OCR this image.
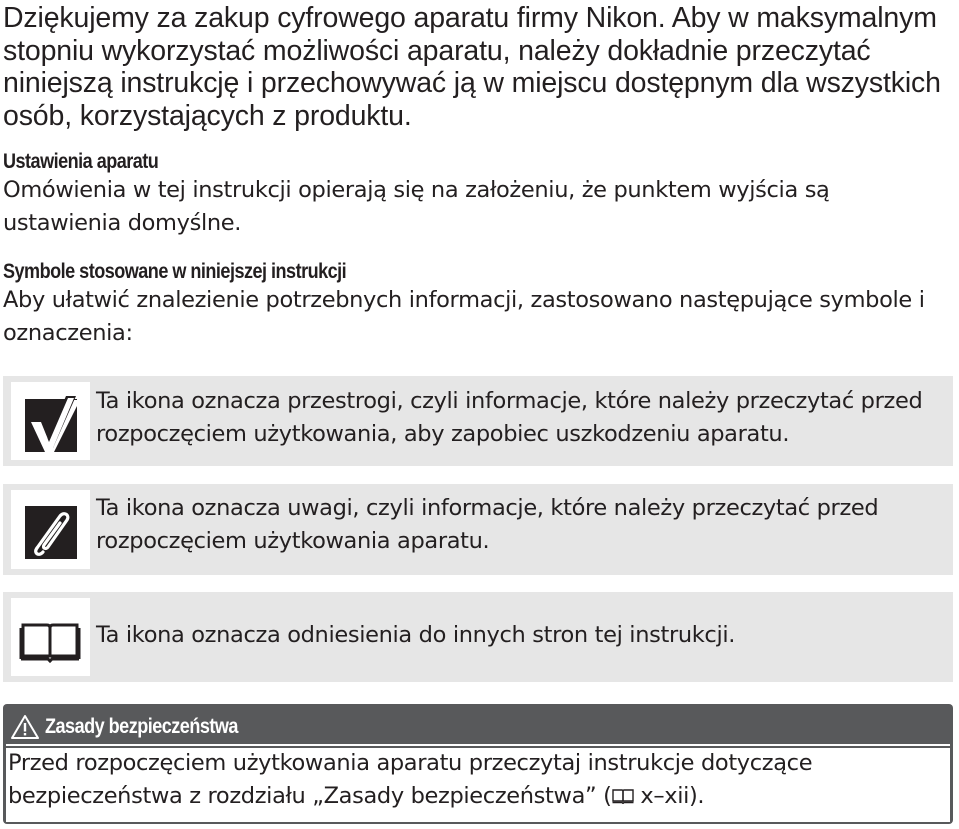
Dziękujemy za zakup cyfrowego aparatu firmy Nikon. Aby w maksymalnym stopniu wykorzystać możliwości aparatu, należy dokładnie przeczytać niniejszą instrukcję i przechowywać ją w miejscu dostępnym dla wszystkich osób, korzystających z produktu.
Ustawienia aparatu
Omówienia w tej instrukcji opierają się na założeniu, że punktem wyjścia są ustawienia domyślne.
Symbole stosowane w niniejszej instrukcji
Aby ułatwić znalezienie potrzebnych informacji, zastosowano następujące symbole i oznaczenia:
Ta ikona oznacza przestrogi, czyli informacje, które należy przeczytać przed rozpoczęciem użytkowania, aby zapobiec uszkodzeniu aparatu.
Ta ikona oznacza uwagi, czyli informacje, które należy przeczytać przed rozpoczęciem użytkowania aparatu.
Ta ikona oznacza odniesienia do innych stron tej instrukcji.
Zasady bezpieczeństwa
Przed rozpoczęciem użytkowania aparatu przeczytaj instrukcje dotyczące bezpieczeństwa z rozdziału „Zasady bezpieczeństwa” ( x–xii).
